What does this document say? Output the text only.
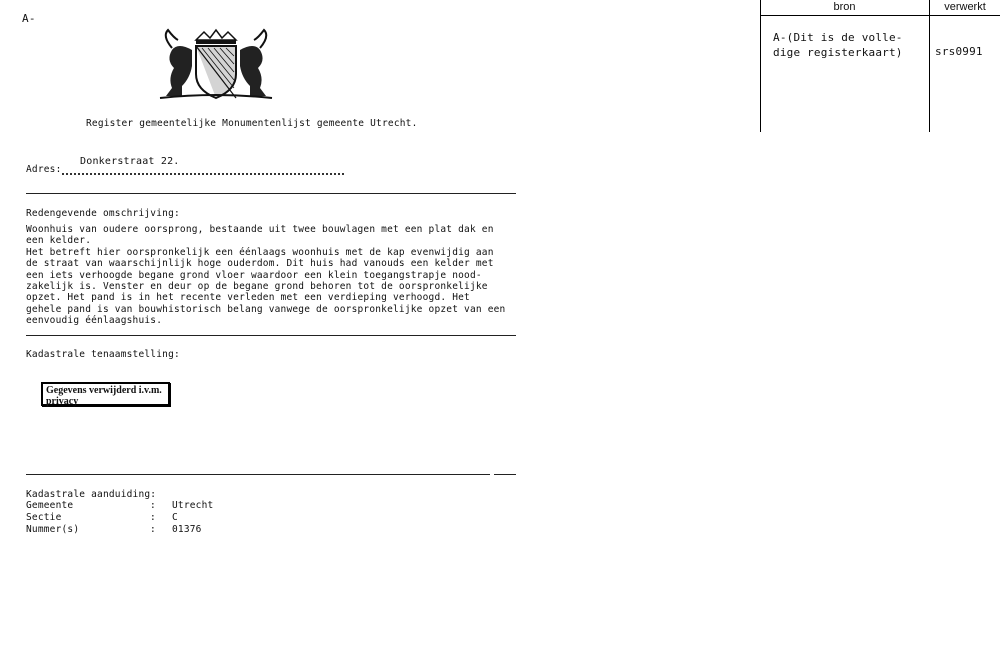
A-
Register gemeentelijke Monumentenlijst gemeente Utrecht.
Adres:
Donkerstraat 22.
Redengevende omschrijving:
Woonhuis van oudere oorsprong, bestaande uit twee bouwlagen met een plat dak en
een kelder.
Het betreft hier oorspronkelijk een éénlaags woonhuis met de kap evenwijdig aan
de straat van waarschijnlijk hoge ouderdom. Dit huis had vanouds een kelder met
een iets verhoogde begane grond vloer waardoor een klein toegangstrapje nood-
zakelijk is. Venster en deur op de begane grond behoren tot de oorspronkelijke
opzet. Het pand is in het recente verleden met een verdieping verhoogd. Het
gehele pand is van bouwhistorisch belang vanwege de oorspronkelijke opzet van een
eenvoudig éénlaagshuis.
Kadastrale tenaamstelling:
Gegevens verwijderd i.v.m. privacy
Kadastrale aanduiding:
Gemeente	: Utrecht
Sectie	: C
Nummer(s)	: 01376
bron	verwerkt
A-(Dit is de volle-
dige registerkaart)	srs0991
